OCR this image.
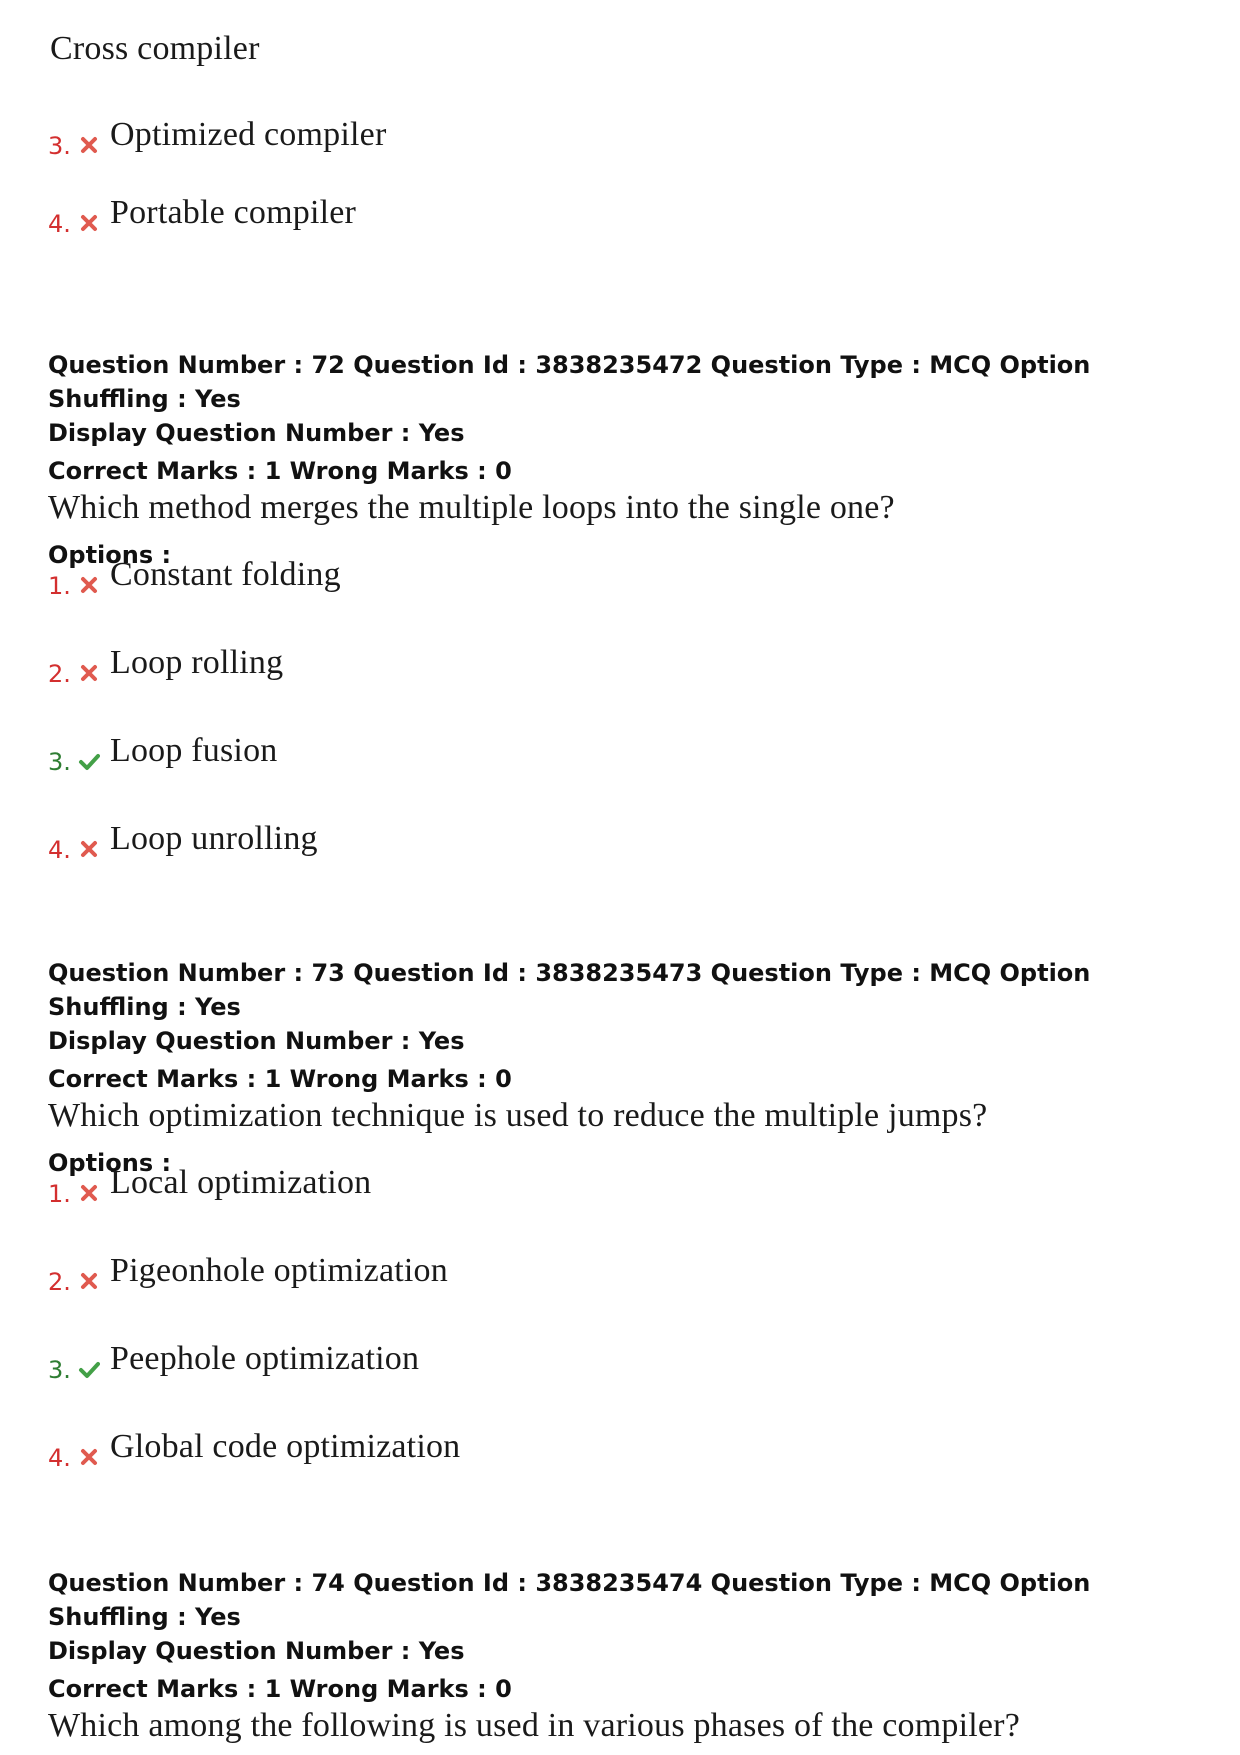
Cross compiler
3. Optimized compiler
4. Portable compiler
Question Number : 72 Question Id : 3838235472 Question Type : MCQ Option Shuffling : Yes
Display Question Number : Yes
Correct Marks : 1 Wrong Marks : 0
Which method merges the multiple loops into the single one?
Options :
1. Constant folding
2. Loop rolling
3. Loop fusion
4. Loop unrolling
Question Number : 73 Question Id : 3838235473 Question Type : MCQ Option Shuffling : Yes
Display Question Number : Yes
Correct Marks : 1 Wrong Marks : 0
Which optimization technique is used to reduce the multiple jumps?
Options :
1. Local optimization
2. Pigeonhole optimization
3. Peephole optimization
4. Global code optimization
Question Number : 74 Question Id : 3838235474 Question Type : MCQ Option Shuffling : Yes
Display Question Number : Yes
Correct Marks : 1 Wrong Marks : 0
Which among the following is used in various phases of the compiler?
